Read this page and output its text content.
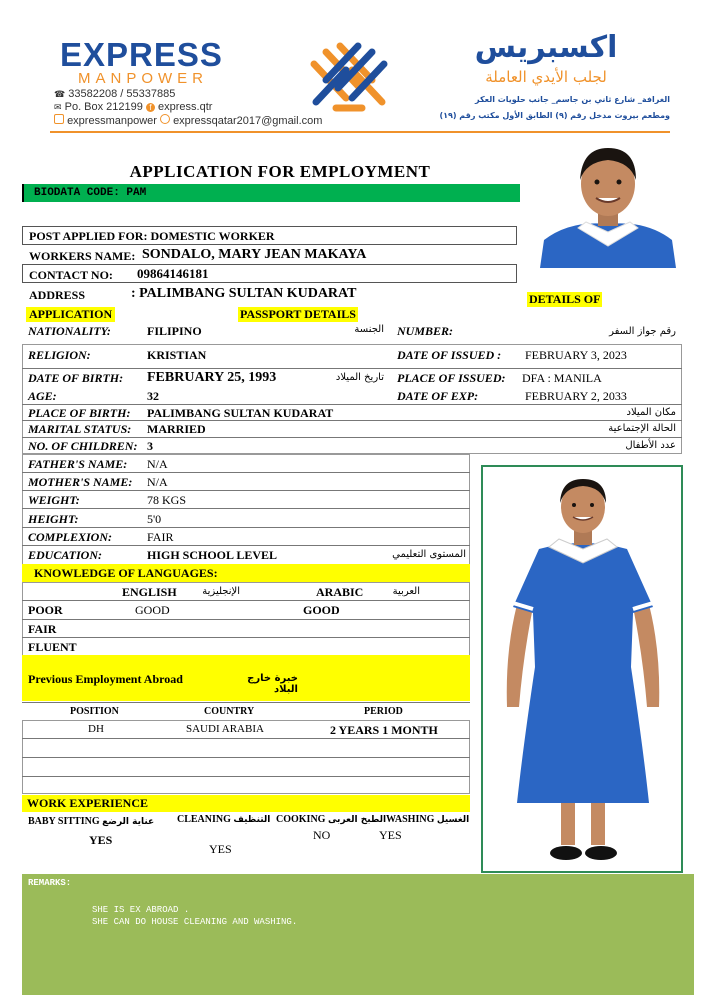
EXPRESS
MANPOWER
☎ 33582208 / 55337885
✉ Po. Box 212199 f express.qtr
expressmanpower expressqatar2017@gmail.com
اكسبريس
لجلب الأيدي العاملة
الغرافة_ شارع ثاني بن جاسم_ جانب حلويات العكر
ومطعم بيروت مدخل رقم (٩) الطابق الأول مكتب رقم (١٩)
APPLICATION FOR EMPLOYMENT
BIODATA CODE: PAM
POST APPLIED FOR: DOMESTIC WORKER
WORKERS NAME: SONDALO, MARY JEAN MAKAYA
CONTACT NO: 09864146181
ADDRESS	: PALIMBANG SULTAN KUDARAT	DETAILS OF
APPLICATION	PASSPORT DETAILS
NATIONALITY:	FILIPINO	الجنسة NUMBER:	رقم جواز السفر
RELIGION:	KRISTIAN	DATE OF ISSUED : FEBRUARY 3, 2023
DATE OF BIRTH: FEBRUARY 25, 1993	تاريخ الميلاد PLACE OF ISSUED: DFA : MANILA
AGE:	32	DATE OF EXP:	FEBRUARY 2, 2033
PLACE OF BIRTH: PALIMBANG SULTAN KUDARAT	مكان الميلاد
MARITAL STATUS: MARRIED	الحالة الإجتماعية
NO. OF CHILDREN: 3	عدد الأطفال
FATHER'S NAME: N/A
MOTHER'S NAME: N/A
WEIGHT:	78 KGS
HEIGHT:	5'0
COMPLEXION:	FAIR
EDUCATION:	HIGH SCHOOL LEVEL	المستوى التعليمي
KNOWLEDGE OF LANGUAGES:
ENGLISH	الإنجليزية	ARABIC	العربية
POOR	GOOD	GOOD
FAIR
FLUENT
Previous Employment Abroad	خبرة خارج البلاد
POSITION	COUNTRY	PERIOD
DH	SAUDI ARABIA	2 YEARS 1 MONTH
WORK EXPERIENCE
BABY SITTING عناية الرضع
YES
CLEANING التنظيف
YES
COOKING الطبخ العربى
NO
WASHING الغسيل
YES
REMARKS:
SHE IS EX ABROAD .
SHE CAN DO HOUSE CLEANING AND WASHING.
